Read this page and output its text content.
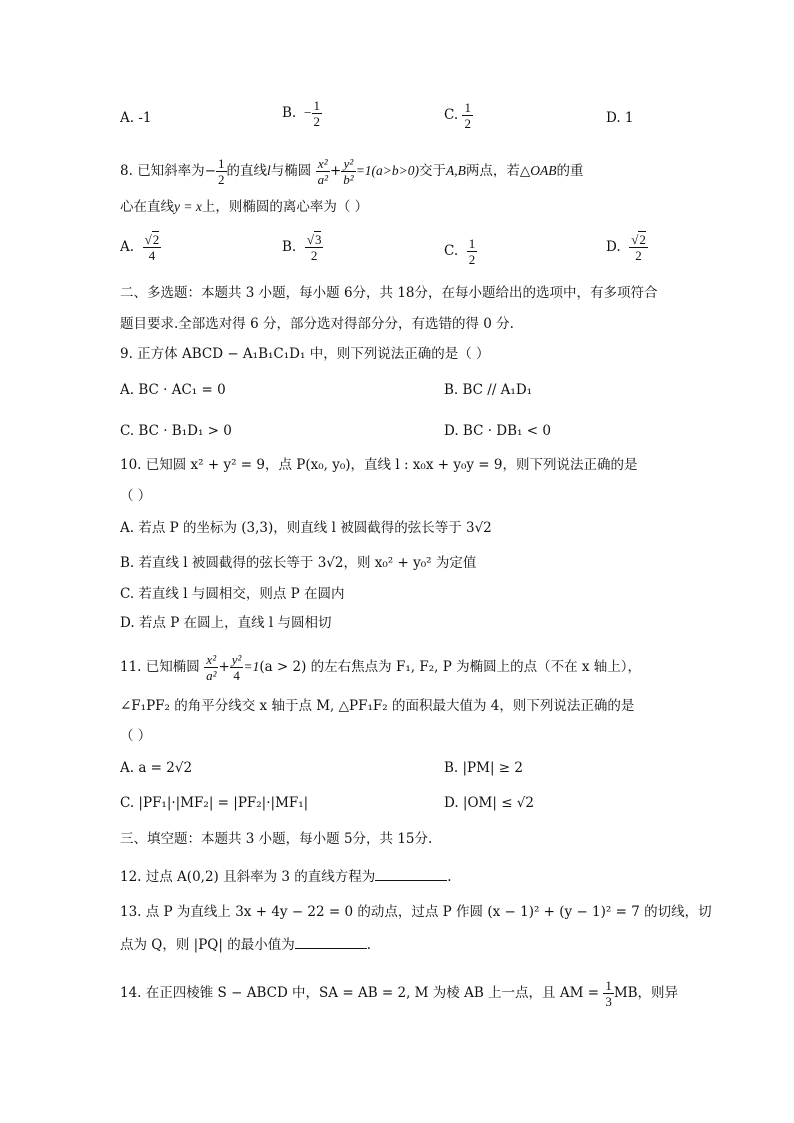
A. -1	B.  − $\frac{1}{2}$	C. $\frac{1}{2}$	D. 1
8. 已知斜率为− $\frac{1}{2}$ 的直线l与椭圆 $\frac{\text{x²}}{\text{a²}} + \frac{\text{y²}}{\text{b²}} =1(a>b>0)$交于A,B两点，若△OAB的重
心在直线y = x上，则椭圆的离心率为（ ）
A. $\frac{√2}{4}$	B. $\frac{√3}{2}$	C. $\frac{1}{2}$	D. $\frac{√2}{2}$
二、多选题：本题共 3 小题，每小题 6分，共 18分，在每小题给出的选项中，有多项符合
题目要求.全部选对得 6 分，部分选对得部分分，有选错的得 0 分.
9. 正方体 ABCD − A₁B₁C₁D₁ 中，则下列说法正确的是（ ）
A. BC · AC₁ = 0	B. BC // A₁D₁
C. BC · B₁D₁ > 0	D. BC · DB₁ < 0
10. 已知圆 x² + y² = 9，点 P(x₀, y₀)，直线 l : x₀x + y₀y = 9，则下列说法正确的是
（ ）
A. 若点 P 的坐标为 (3,3)，则直线 l 被圆截得的弦长等于 3√2
B. 若直线 l 被圆截得的弦长等于 3√2，则 x₀² + y₀² 为定值
C. 若直线 l 与圆相交，则点 P 在圆内
D. 若点 P 在圆上，直线 l 与圆相切
11. 已知椭圆 $\frac{\text{x²}}{\text{a²}} + \frac{\text{y²}}{4} =1(a > 2)$ 的左右焦点为 F₁, F₂, P 为椭圆上的点（不在 x 轴上），
∠F₁PF₂ 的角平分线交 x 轴于点 M, △PF₁F₂ 的面积最大值为 4，则下列说法正确的是
（ ）
A. a = 2√2	B. |PM| ≥ 2
C. |PF₁|·|MF₂| = |PF₂|·|MF₁|	D. |OM| ≤ √2
三、填空题：本题共 3 小题，每小题 5分，共 15分.
12. 过点 A(0,2) 且斜率为 3 的直线方程为	.
13. 点 P 为直线上 3x + 4y − 22 = 0 的动点，过点 P 作圆 (x − 1)² + (y − 1)² = 7 的切线，切
点为 Q，则 |PQ| 的最小值为	.
14. 在正四棱锥 S − ABCD 中，SA = AB = 2, M 为棱 AB 上一点，且 AM = $\frac{1}{3}$ MB，则异
